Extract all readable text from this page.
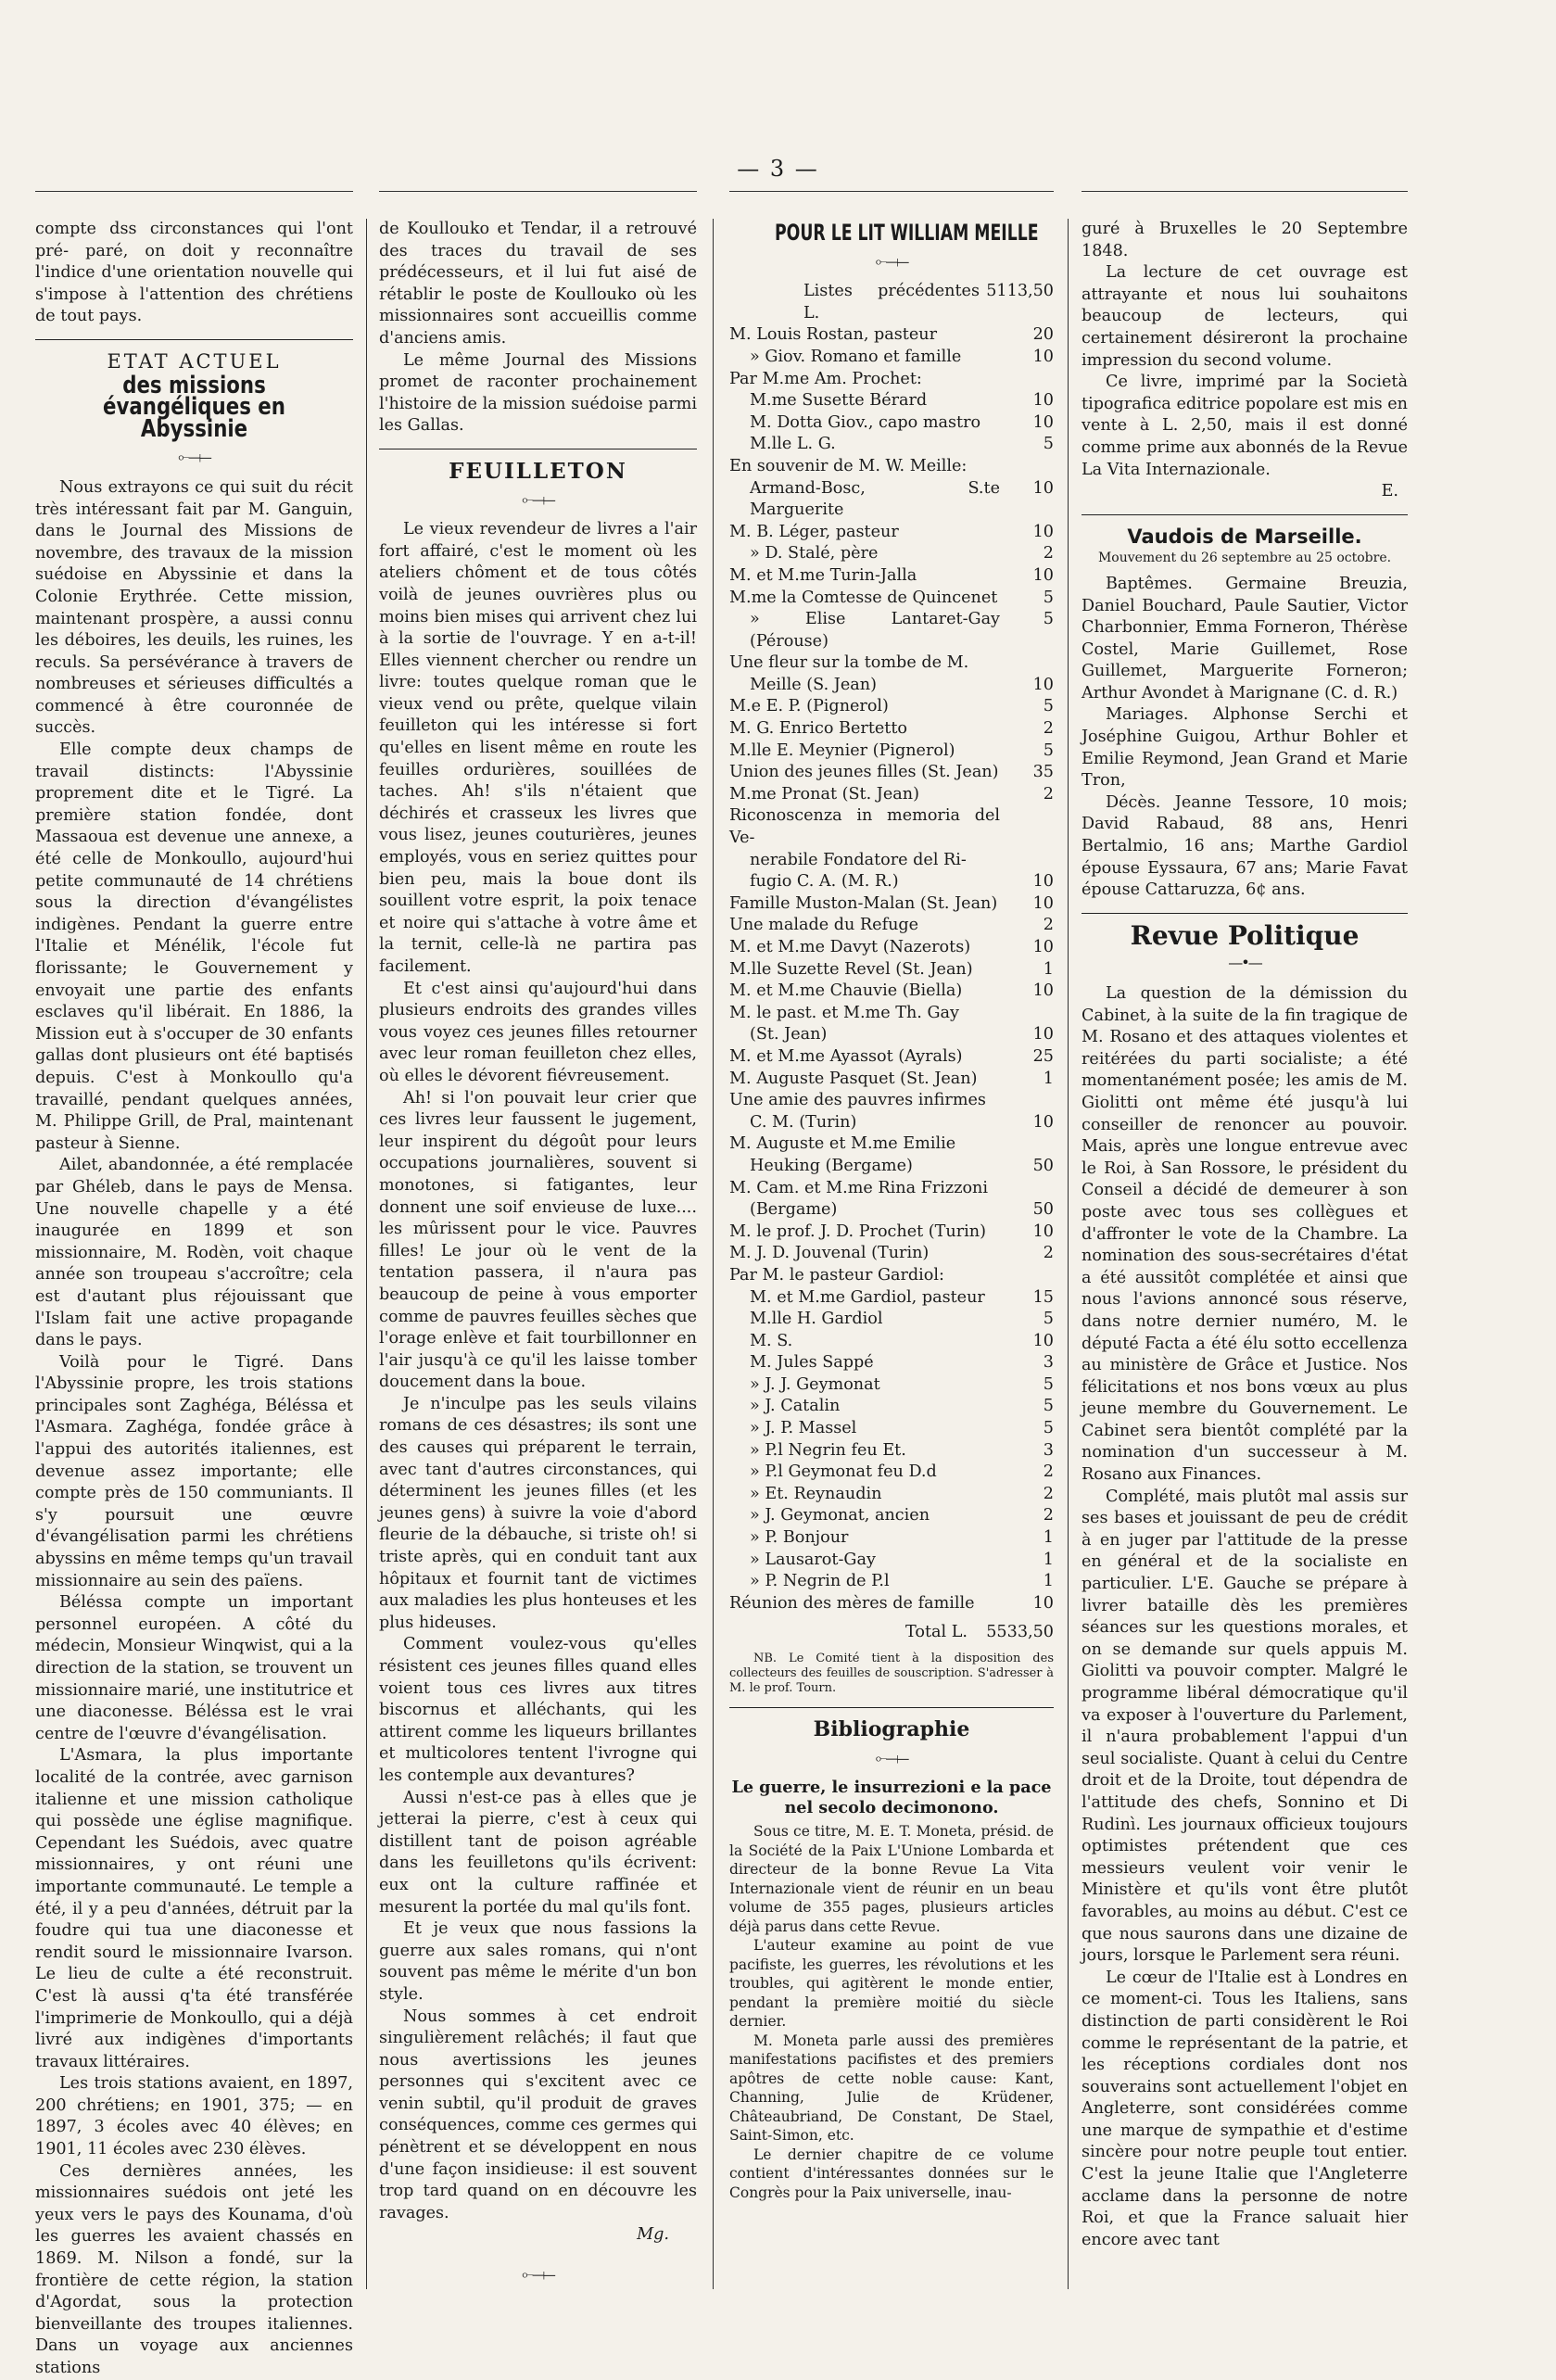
— 3 —

compte dss circonstances qui l'ont pré- paré, on doit y reconnaître l'indice d'une orientation nouvelle qui s'impose à l'attention des chrétiens de tout pays.

ETAT ACTUEL
des missions évangéliques en Abyssinie
⟜⟞⟝

Nous extrayons ce qui suit du récit très intéressant fait par M. Ganguin, dans le Journal des Missions de novembre, des travaux de la mission suédoise en Abyssinie et dans la Colonie Erythrée. Cette mission, maintenant prospère, a aussi connu les déboires, les deuils, les ruines, les reculs. Sa persévérance à travers de nombreuses et sérieuses difficultés a commencé à être couronnée de succès.

Elle compte deux champs de travail distincts: l'Abyssinie proprement dite et le Tigré. La première station fondée, dont Massaoua est devenue une annexe, a été celle de Monkoullo, aujourd'hui petite communauté de 14 chrétiens sous la direction d'évangélistes indigènes. Pendant la guerre entre l'Italie et Ménélik, l'école fut florissante; le Gouvernement y envoyait une partie des enfants esclaves qu'il libérait. En 1886, la Mission eut à s'occuper de 30 enfants gallas dont plusieurs ont été baptisés depuis. C'est à Monkoullo qu'a travaillé, pendant quelques années, M. Philippe Grill, de Pral, maintenant pasteur à Sienne.

Ailet, abandonnée, a été remplacée par Ghéleb, dans le pays de Mensa. Une nouvelle chapelle y a été inaugurée en 1899 et son missionnaire, M. Rodèn, voit chaque année son troupeau s'accroître; cela est d'autant plus réjouissant que l'Islam fait une active propagande dans le pays.

Voilà pour le Tigré. Dans l'Abyssinie propre, les trois stations principales sont Zaghéga, Béléssa et l'Asmara. Zaghéga, fondée grâce à l'appui des autorités italiennes, est devenue assez importante; elle compte près de 150 communiants. Il s'y poursuit une œuvre d'évangélisation parmi les chrétiens abyssins en même temps qu'un travail missionnaire au sein des païens.

Béléssa compte un important personnel européen. A côté du médecin, Monsieur Winqwist, qui a la direction de la station, se trouvent un missionnaire marié, une institutrice et une diaconesse. Béléssa est le vrai centre de l'œuvre d'évangélisation.

L'Asmara, la plus importante localité de la contrée, avec garnison italienne et une mission catholique qui possède une église magnifique. Cependant les Suédois, avec quatre missionnaires, y ont réuni une importante communauté. Le temple a été, il y a peu d'années, détruit par la foudre qui tua une diaconesse et rendit sourd le missionnaire Ivarson. Le lieu de culte a été reconstruit. C'est là aussi q'ta été transférée l'imprimerie de Monkoullo, qui a déjà livré aux indigènes d'importants travaux littéraires.

Les trois stations avaient, en 1897, 200 chrétiens; en 1901, 375; — en 1897, 3 écoles avec 40 élèves; en 1901, 11 écoles avec 230 élèves.

Ces dernières années, les missionnaires suédois ont jeté les yeux vers le pays des Kounama, d'où les guerres les avaient chassés en 1869. M. Nilson a fondé, sur la frontière de cette région, la station d'Agordat, sous la protection bienveillante des troupes italiennes. Dans un voyage aux anciennes stations

de Koullouko et Tendar, il a retrouvé des traces du travail de ses prédécesseurs, et il lui fut aisé de rétablir le poste de Koullouko où les missionnaires sont accueillis comme d'anciens amis.

Le même Journal des Missions promet de raconter prochainement l'histoire de la mission suédoise parmi les Gallas.

FEUILLETON
⟜⟞⟝

Le vieux revendeur de livres a l'air fort affairé, c'est le moment où les ateliers chôment et de tous côtés voilà de jeunes ouvrières plus ou moins bien mises qui arrivent chez lui à la sortie de l'ouvrage. Y en a-t-il! Elles viennent chercher ou rendre un livre: toutes quelque roman que le vieux vend ou prête, quelque vilain feuilleton qui les intéresse si fort qu'elles en lisent même en route les feuilles ordurières, souillées de taches. Ah! s'ils n'étaient que déchirés et crasseux les livres que vous lisez, jeunes couturières, jeunes employés, vous en seriez quittes pour bien peu, mais la boue dont ils souillent votre esprit, la poix tenace et noire qui s'attache à votre âme et la ternit, celle-là ne partira pas facilement.

Et c'est ainsi qu'aujourd'hui dans plusieurs endroits des grandes villes vous voyez ces jeunes filles retourner avec leur roman feuilleton chez elles, où elles le dévorent fiévreusement.

Ah! si l'on pouvait leur crier que ces livres leur faussent le jugement, leur inspirent du dégoût pour leurs occupations journalières, souvent si monotones, si fatigantes, leur donnent une soif envieuse de luxe.... les mûrissent pour le vice. Pauvres filles! Le jour où le vent de la tentation passera, il n'aura pas beaucoup de peine à vous emporter comme de pauvres feuilles sèches que l'orage enlève et fait tourbillonner en l'air jusqu'à ce qu'il les laisse tomber doucement dans la boue.

Je n'inculpe pas les seuls vilains romans de ces désastres; ils sont une des causes qui préparent le terrain, avec tant d'autres circonstances, qui déterminent les jeunes filles (et les jeunes gens) à suivre la voie d'abord fleurie de la débauche, si triste oh! si triste après, qui en conduit tant aux hôpitaux et fournit tant de victimes aux maladies les plus honteuses et les plus hideuses.

Comment voulez-vous qu'elles résistent ces jeunes filles quand elles voient tous ces livres aux titres biscornus et alléchants, qui les attirent comme les liqueurs brillantes et multicolores tentent l'ivrogne qui les contemple aux devantures?

Aussi n'est-ce pas à elles que je jetterai la pierre, c'est à ceux qui distillent tant de poison agréable dans les feuilletons qu'ils écrivent: eux ont la culture raffinée et mesurent la portée du mal qu'ils font.

Et je veux que nous fassions la guerre aux sales romans, qui n'ont souvent pas même le mérite d'un bon style.

Nous sommes à cet endroit singulièrement relâchés; il faut que nous avertissions les jeunes personnes qui s'excitent avec ce venin subtil, qu'il produit de graves conséquences, comme ces germes qui pénètrent et se développent en nous d'une façon insidieuse: il est souvent trop tard quand on en découvre les ravages.

Mg.
⟜⟞⟝
POUR LE LIT WILLIAM MEILLE
⟜⟞⟝
Listes précédentes L.
5113,50
M. Louis Rostan, pasteur	20
» Giov. Romano et famille	10
Par M.me Am. Prochet:
M.me Susette Bérard	10
M. Dotta Giov., capo mastro	10
M.lle L. G.	5
En souvenir de M. W. Meille:
Armand-Bosc, S.te Marguerite
10
M. B. Léger, pasteur	10
» D. Stalé, père	2
M. et M.me Turin-Jalla	10
M.me la Comtesse de Quincenet	5
» Elise Lantaret-Gay (Pérouse)
5
Une fleur sur la tombe de M.
Meille (S. Jean)	10
M.e E. P. (Pignerol)	5
M. G. Enrico Bertetto	2
M.lle E. Meynier (Pignerol)	5
Union des jeunes filles (St. Jean)	35
M.me Pronat (St. Jean)	2
Riconoscenza in memoria del Ve-
nerabile Fondatore del Ri-
fugio C. A. (M. R.)	10
Famille Muston-Malan (St. Jean)	10
Une malade du Refuge	2
M. et M.me Davyt (Nazerots)	10
M.lle Suzette Revel (St. Jean)	1
M. et M.me Chauvie (Biella)	10
M. le past. et M.me Th. Gay
(St. Jean)	10
M. et M.me Ayassot (Ayrals)	25
M. Auguste Pasquet (St. Jean)	1
Une amie des pauvres infirmes
C. M. (Turin)	10
M. Auguste et M.me Emilie
Heuking (Bergame)	50
M. Cam. et M.me Rina Frizzoni
(Bergame)	50
M. le prof. J. D. Prochet (Turin)	10
M. J. D. Jouvenal (Turin)	2
Par M. le pasteur Gardiol:
M. et M.me Gardiol, pasteur	15
M.lle H. Gardiol	5
M. S.	10
M. Jules Sappé	3
» J. J. Geymonat	5
» J. Catalin	5
» J. P. Massel	5
» P.l Negrin feu Et.	3
» P.l Geymonat feu D.d	2
» Et. Reynaudin	2
» J. Geymonat, ancien	2
» P. Bonjour	1
» Lausarot-Gay	1
» P. Negrin de P.l	1
Réunion des mères de famille	10
Total L.	5533,50

NB. Le Comité tient à la disposition des collecteurs des feuilles de souscription. S'adresser à M. le prof. Tourn.

Bibliographie
⟜⟞⟝
Le guerre, le insurrezioni e la pace nel secolo decimonono.

Sous ce titre, M. E. T. Moneta, présid. de la Société de la Paix L'Unione Lombarda et directeur de la bonne Revue La Vita Internazionale vient de réunir en un beau volume de 355 pages, plusieurs articles déjà parus dans cette Revue.

L'auteur examine au point de vue pacifiste, les guerres, les révolutions et les troubles, qui agitèrent le monde entier, pendant la première moitié du siècle dernier.

M. Moneta parle aussi des premières manifestations pacifistes et des premiers apôtres de cette noble cause: Kant, Channing, Julie de Krüdener, Châteaubriand, De Constant, De Stael, Saint-Simon, etc.

Le dernier chapitre de ce volume contient d'intéressantes données sur le Congrès pour la Paix universelle, inau-

guré à Bruxelles le 20 Septembre 1848.

La lecture de cet ouvrage est attrayante et nous lui souhaitons beaucoup de lecteurs, qui certainement désireront la prochaine impression du second volume.

Ce livre, imprimé par la Società tipografica editrice popolare est mis en vente à L. 2,50, mais il est donné comme prime aux abonnés de la Revue La Vita Internazionale.

E.
Vaudois de Marseille.
Mouvement du 26 septembre au 25 octobre.

Baptêmes. Germaine Breuzia, Daniel Bouchard, Paule Sautier, Victor Charbonnier, Emma Forneron, Thérèse Costel, Marie Guillemet, Rose Guillemet, Marguerite Forneron; Arthur Avondet à Marignane (C. d. R.)

Mariages. Alphonse Serchi et Joséphine Guigou, Arthur Bohler et Emilie Reymond, Jean Grand et Marie Tron,

Décès. Jeanne Tessore, 10 mois; David Rabaud, 88 ans, Henri Bertalmio, 16 ans; Marthe Gardiol épouse Eyssaura, 67 ans; Marie Favat épouse Cattaruzza, 6¢ ans.

Revue Politique
—•—

La question de la démission du Cabinet, à la suite de la fin tragique de M. Rosano et des attaques violentes et reitérées du parti socialiste; a été momentanément posée; les amis de M. Giolitti ont même été jusqu'à lui conseiller de renoncer au pouvoir. Mais, après une longue entrevue avec le Roi, à San Rossore, le président du Conseil a décidé de demeurer à son poste avec tous ses collègues et d'affronter le vote de la Chambre. La nomination des sous-secrétaires d'état a été aussitôt complétée et ainsi que nous l'avions annoncé sous réserve, dans notre dernier numéro, M. le député Facta a été élu sotto eccellenza au ministère de Grâce et Justice. Nos félicitations et nos bons vœux au plus jeune membre du Gouvernement. Le Cabinet sera bientôt complété par la nomination d'un successeur à M. Rosano aux Finances.

Complété, mais plutôt mal assis sur ses bases et jouissant de peu de crédit à en juger par l'attitude de la presse en général et de la socialiste en particulier. L'E. Gauche se prépare à livrer bataille dès les premières séances sur les questions morales, et on se demande sur quels appuis M. Giolitti va pouvoir compter. Malgré le programme libéral démocratique qu'il va exposer à l'ouverture du Parlement, il n'aura probablement l'appui d'un seul socialiste. Quant à celui du Centre droit et de la Droite, tout dépendra de l'attitude des chefs, Sonnino et Di Rudinì. Les journaux officieux toujours optimistes prétendent que ces messieurs veulent voir venir le Ministère et qu'ils vont être plutôt favorables, au moins au début. C'est ce que nous saurons dans une dizaine de jours, lorsque le Parlement sera réuni.

Le cœur de l'Italie est à Londres en ce moment-ci. Tous les Italiens, sans distinction de parti considèrent le Roi comme le représentant de la patrie, et les réceptions cordiales dont nos souverains sont actuellement l'objet en Angleterre, sont considérées comme une marque de sympathie et d'estime sincère pour notre peuple tout entier. C'est la jeune Italie que l'Angleterre acclame dans la personne de notre Roi, et que la France saluait hier encore avec tant
